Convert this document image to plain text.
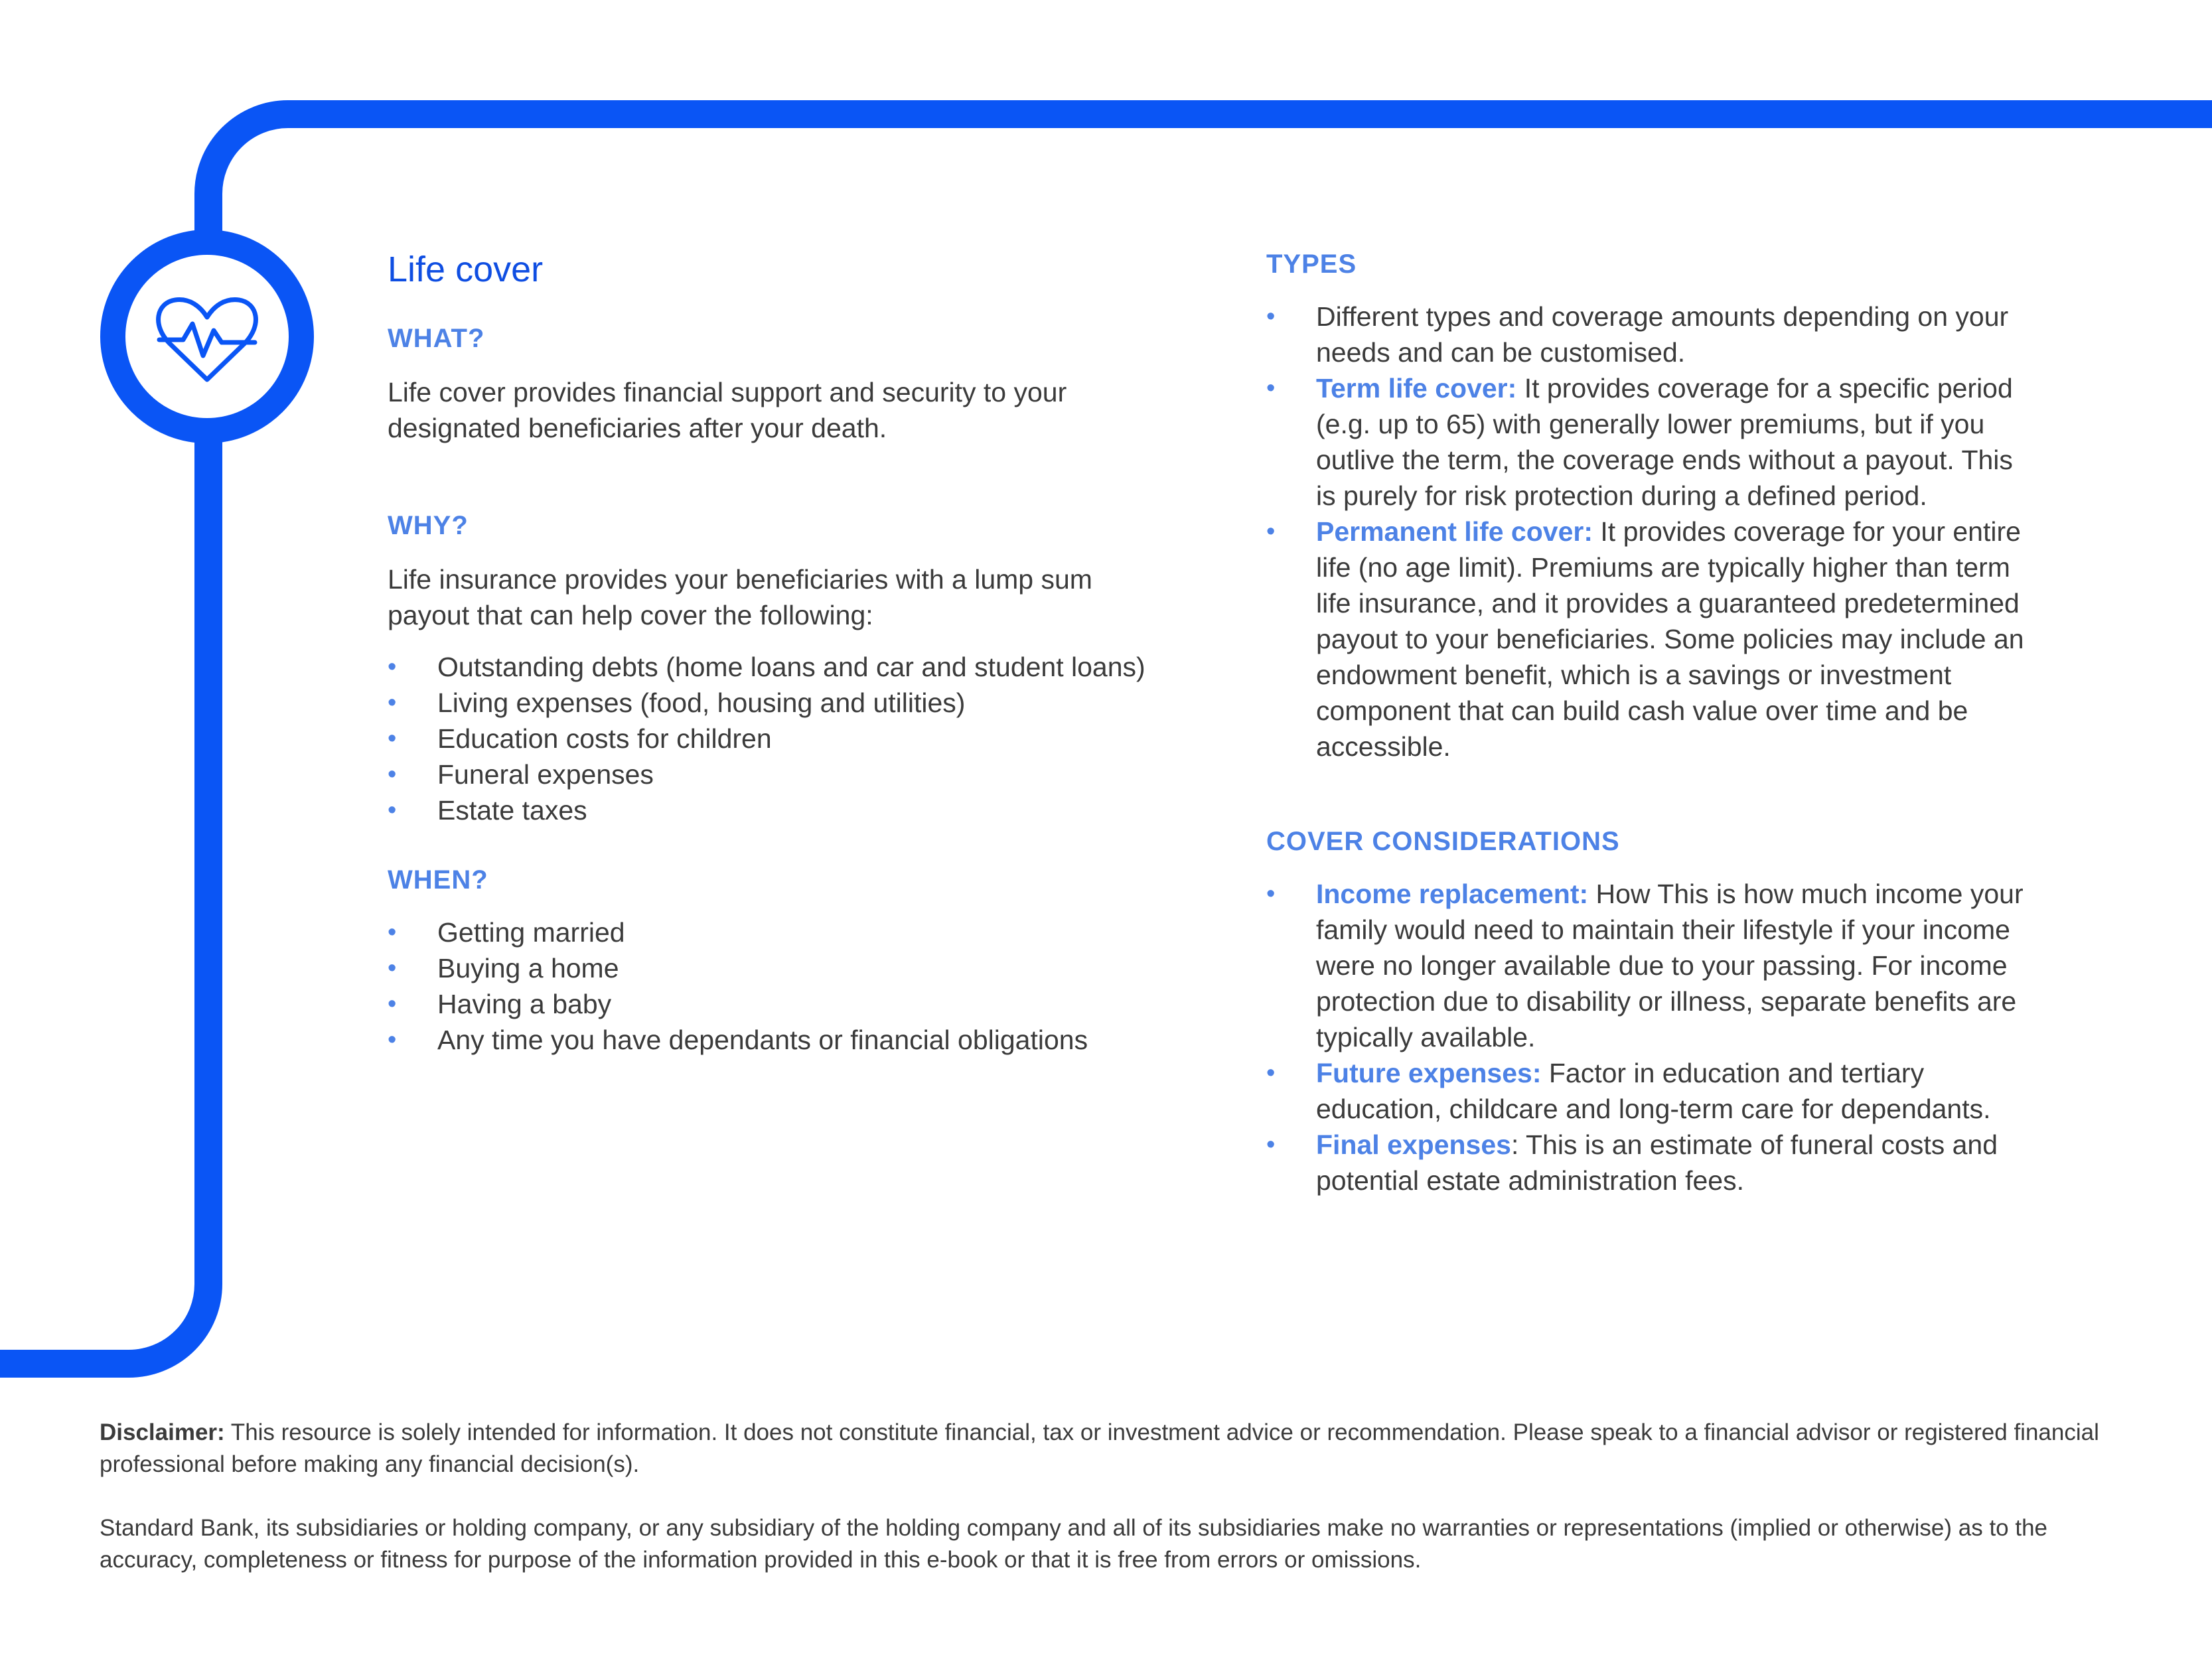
Life cover
WHAT?

Life cover provides financial support and security to your designated beneficiaries after your death.

WHY?

Life insurance provides your beneficiaries with a lump sum payout that can help cover the following:

• Outstanding debts (home loans and car and student loans)
• Living expenses (food, housing and utilities)
• Education costs for children
• Funeral expenses
• Estate taxes
WHEN?
• Getting married
• Buying a home
• Having a baby
• Any time you have dependants or financial obligations
TYPES
• Different types and coverage amounts depending on your needs and can be customised.
• Term life cover: It provides coverage for a specific period (e.g. up to 65) with generally lower premiums, but if you outlive the term, the coverage ends without a payout. This is purely for risk protection during a defined period.
• Permanent life cover: It provides coverage for your entire life (no age limit). Premiums are typically higher than term life insurance, and it provides a guaranteed predetermined payout to your beneficiaries. Some policies may include an endowment benefit, which is a savings or investment component that can build cash value over time and be accessible.
COVER CONSIDERATIONS
• Income replacement: How This is how much income your family would need to maintain their lifestyle if your income were no longer available due to your passing. For income protection due to disability or illness, separate benefits are typically available.
• Future expenses: Factor in education and tertiary education, childcare and long-term care for dependants.
• Final expenses: This is an estimate of funeral costs and potential estate administration fees.

Disclaimer: This resource is solely intended for information. It does not constitute financial, tax or investment advice or recommendation. Please speak to a financial advisor or registered financial professional before making any financial decision(s).

Standard Bank, its subsidiaries or holding company, or any subsidiary of the holding company and all of its subsidiaries make no warranties or representations (implied or otherwise) as to the accuracy, completeness or fitness for purpose of the information provided in this e-book or that it is free from errors or omissions.
